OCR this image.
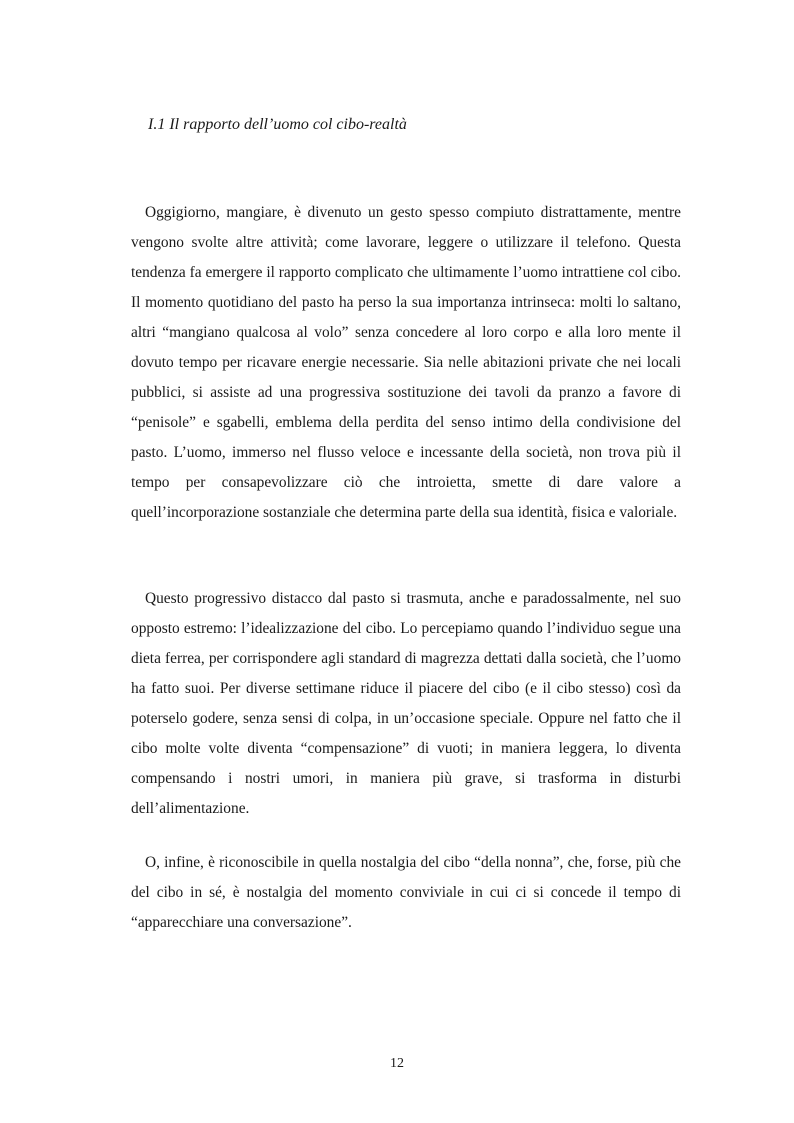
I.1 Il rapporto dell’uomo col cibo-realtà

Oggigiorno, mangiare, è divenuto un gesto spesso compiuto distrattamente, mentre vengono svolte altre attività; come lavorare, leggere o utilizzare il telefono. Questa tendenza fa emergere il rapporto complicato che ultimamente l’uomo intrattiene col cibo. Il momento quotidiano del pasto ha perso la sua importanza intrinseca: molti lo saltano, altri “mangiano qualcosa al volo” senza concedere al loro corpo e alla loro mente il dovuto tempo per ricavare energie necessarie. Sia nelle abitazioni private che nei locali pubblici, si assiste ad una progressiva sostituzione dei tavoli da pranzo a favore di “penisole” e sgabelli, emblema della perdita del senso intimo della condivisione del pasto. L’uomo, immerso nel flusso veloce e incessante della società, non trova più il tempo per consapevolizzare ciò che introietta, smette di dare valore a quell’incorporazione sostanziale che determina parte della sua identità, fisica e valoriale.

Questo progressivo distacco dal pasto si trasmuta, anche e paradossalmente, nel suo opposto estremo: l’idealizzazione del cibo. Lo percepiamo quando l’individuo segue una dieta ferrea, per corrispondere agli standard di magrezza dettati dalla società, che l’uomo ha fatto suoi. Per diverse settimane riduce il piacere del cibo (e il cibo stesso) così da poterselo godere, senza sensi di colpa, in un’occasione speciale. Oppure nel fatto che il cibo molte volte diventa “compensazione” di vuoti; in maniera leggera, lo diventa compensando i nostri umori, in maniera più grave, si trasforma in disturbi dell’alimentazione.

O, infine, è riconoscibile in quella nostalgia del cibo “della nonna”, che, forse, più che del cibo in sé, è nostalgia del momento conviviale in cui ci si concede il tempo di “apparecchiare una conversazione”.

12
